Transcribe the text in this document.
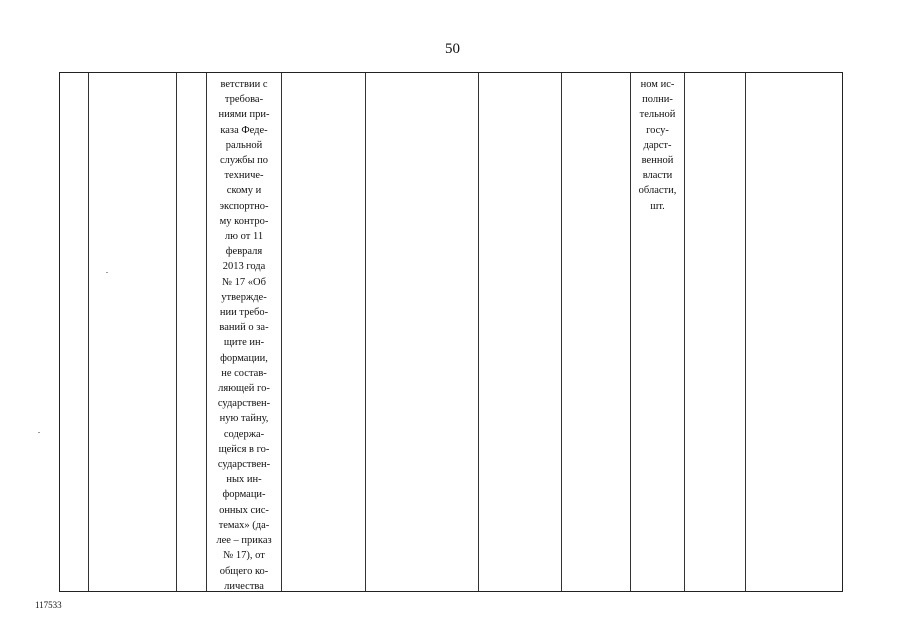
50
ветствии с
требова-
ниями при-
каза Феде-
ральной
службы по
техниче-
скому и
экспортно-
му контро-
лю от 11
февраля
2013 года
№ 17 «Об
утвержде-
нии требо-
ваний о за-
щите ин-
формации,
не состав-
ляющей го-
сударствен-
ную тайну,
содержа-
щейся в го-
сударствен-
ных ин-
формаци-
онных сис-
темах» (да-
лее – приказ
№ 17), от
общего ко-
личества
ном ис-
полни-
тельной
госу-
дарст-
венной
власти
области, шт.
117533
